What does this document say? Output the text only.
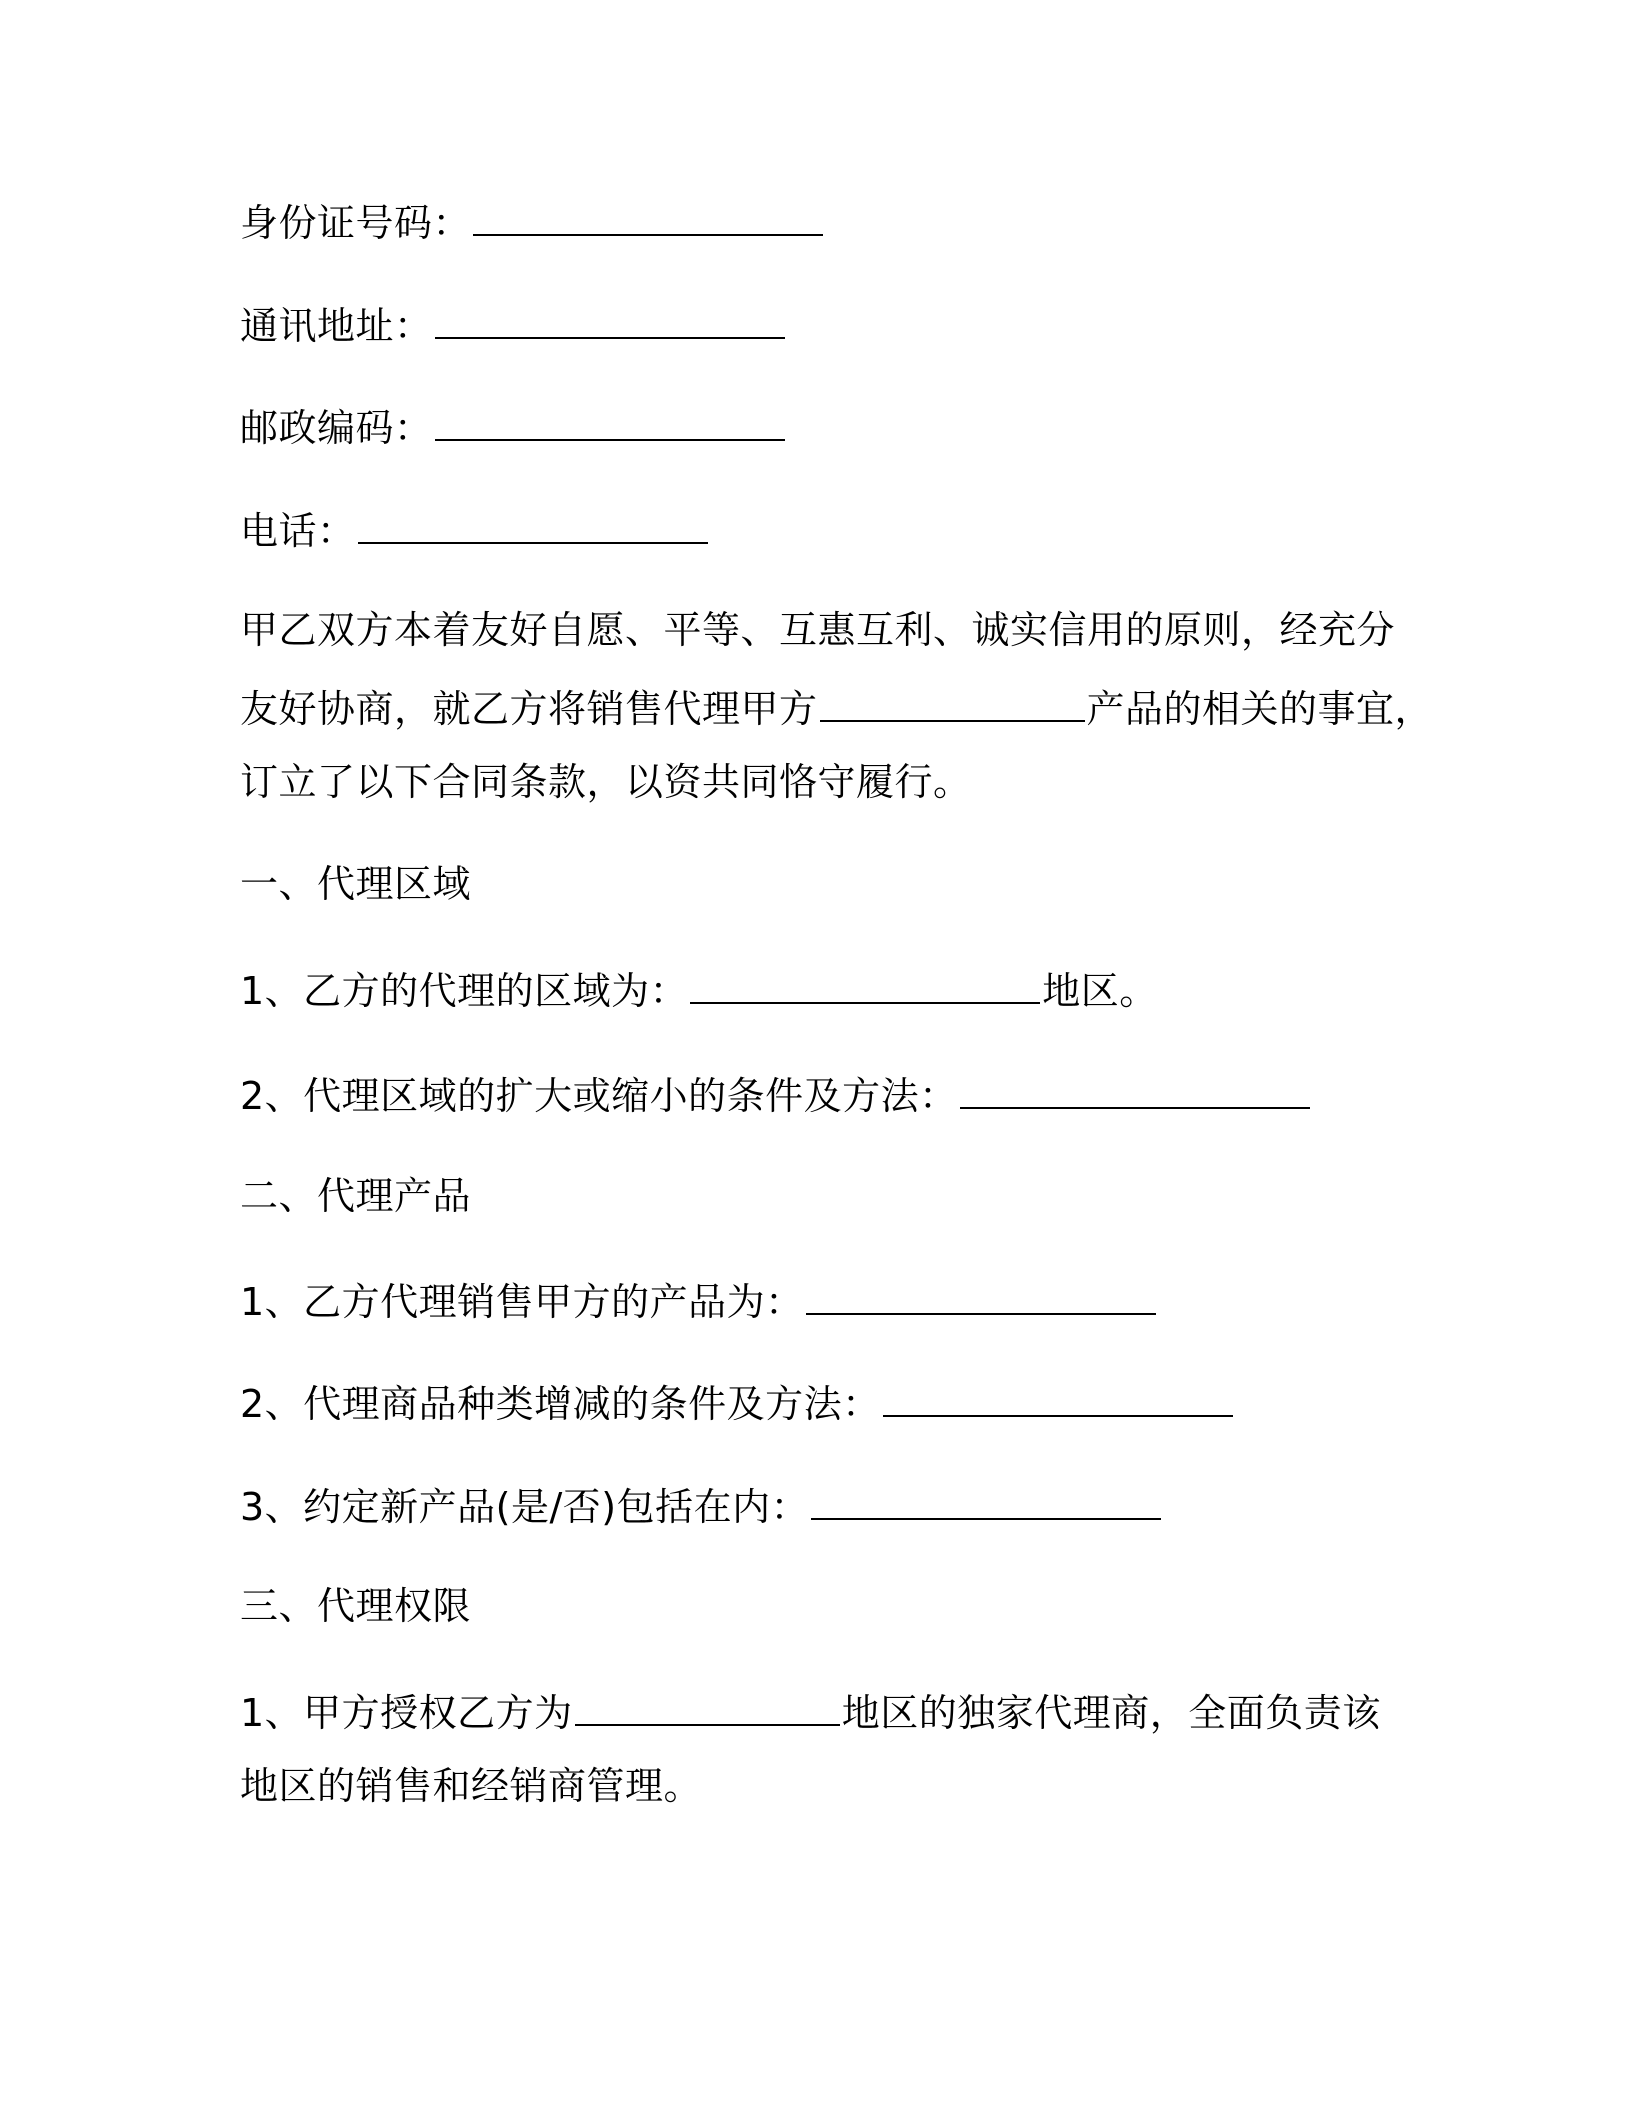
身份证号码：
通讯地址：
邮政编码：
电话：
甲乙双方本着友好自愿、平等、互惠互利、诚实信用的原则，经充分
友好协商，就乙方将销售代理甲方	产品的相关的事宜，
订立了以下合同条款，以资共同恪守履行。
一、代理区域
1、乙方的代理的区域为：	地区。
2、代理区域的扩大或缩小的条件及方法：
二、代理产品
1、乙方代理销售甲方的产品为：
2、代理商品种类增减的条件及方法：
3、约定新产品(是/否)包括在内：
三、代理权限
1、甲方授权乙方为	地区的独家代理商，全面负责该
地区的销售和经销商管理。
